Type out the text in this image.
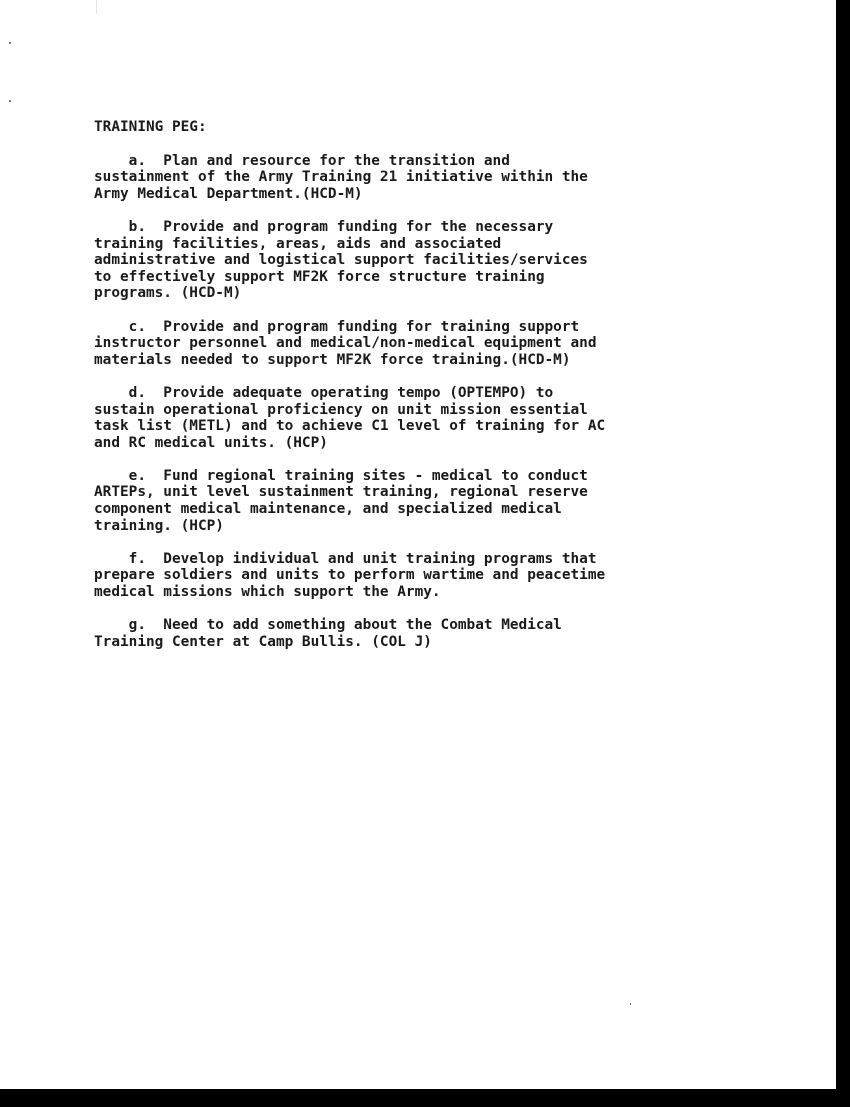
TRAINING PEG:
a.  Plan and resource for the transition and
sustainment of the Army Training 21 initiative within the
Army Medical Department.(HCD-M)
b.  Provide and program funding for the necessary
training facilities, areas, aids and associated
administrative and logistical support facilities/services
to effectively support MF2K force structure training
programs. (HCD-M)
c.  Provide and program funding for training support
instructor personnel and medical/non-medical equipment and
materials needed to support MF2K force training.(HCD-M)
d.  Provide adequate operating tempo (OPTEMPO) to
sustain operational proficiency on unit mission essential
task list (METL) and to achieve C1 level of training for AC
and RC medical units. (HCP)
e.  Fund regional training sites - medical to conduct
ARTEPs, unit level sustainment training, regional reserve
component medical maintenance, and specialized medical
training. (HCP)
f.  Develop individual and unit training programs that
prepare soldiers and units to perform wartime and peacetime
medical missions which support the Army.
g.  Need to add something about the Combat Medical
Training Center at Camp Bullis. (COL J)
